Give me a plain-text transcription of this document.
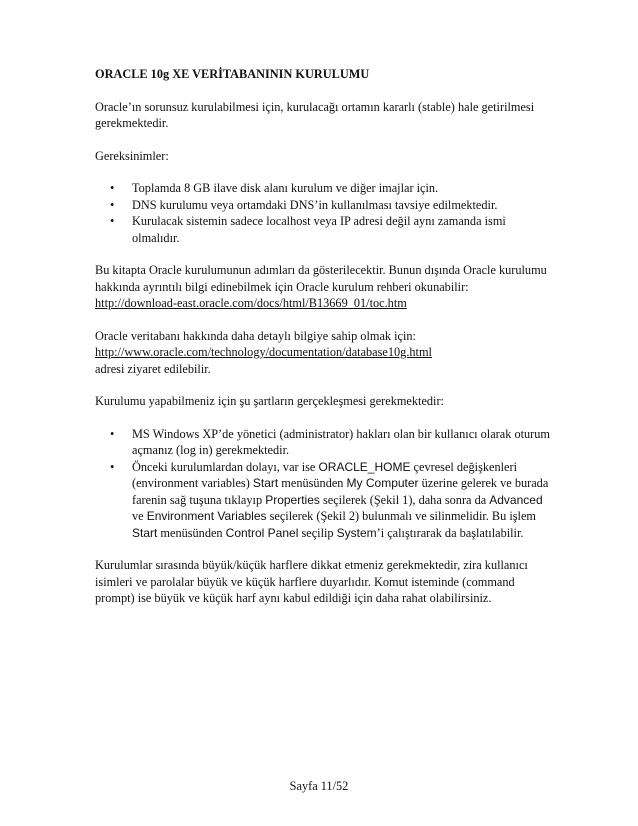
ORACLE 10g XE VERİTABANININ KURULUMU

Oracle’ın sorunsuz kurulabilmesi için, kurulacağı ortamın kararlı (stable) hale getirilmesi gerekmektedir.

Gereksinimler:

• Toplamda 8 GB ilave disk alanı kurulum ve diğer imajlar için.
• DNS kurulumu veya ortamdaki DNS’in kullanılması tavsiye edilmektedir.
• Kurulacak sistemin sadece localhost veya IP adresi değil aynı zamanda ismi olmalıdır.

Bu kitapta Oracle kurulumunun adımları da gösterilecektir. Bunun dışında Oracle kurulumu hakkında ayrıntılı bilgi edinebilmek için Oracle kurulum rehberi okunabilir:
http://download-east.oracle.com/docs/html/B13669_01/toc.htm

Oracle veritabanı hakkında daha detaylı bilgiye sahip olmak için:
http://www.oracle.com/technology/documentation/database10g.html
adresi ziyaret edilebilir.

Kurulumu yapabilmeniz için şu şartların gerçekleşmesi gerekmektedir:

• MS Windows XP’de yönetici (administrator) hakları olan bir kullanıcı olarak oturum açmanız (log in) gerekmektedir.
• Önceki kurulumlardan dolayı, var ise ORACLE_HOME çevresel değişkenleri (environment variables) Start menüsünden My Computer üzerine gelerek ve burada farenin sağ tuşuna tıklayıp Properties seçilerek (Şekil 1), daha sonra da Advanced ve Environment Variables seçilerek (Şekil 2) bulunmalı ve silinmelidir. Bu işlem Start menüsünden Control Panel seçilip System’i çalıştırarak da başlatılabilir.

Kurulumlar sırasında büyük/küçük harflere dikkat etmeniz gerekmektedir, zira kullanıcı isimleri ve parolalar büyük ve küçük harflere duyarlıdır. Komut isteminde (command prompt) ise büyük ve küçük harf aynı kabul edildiği için daha rahat olabilirsiniz.

Sayfa 11/52
